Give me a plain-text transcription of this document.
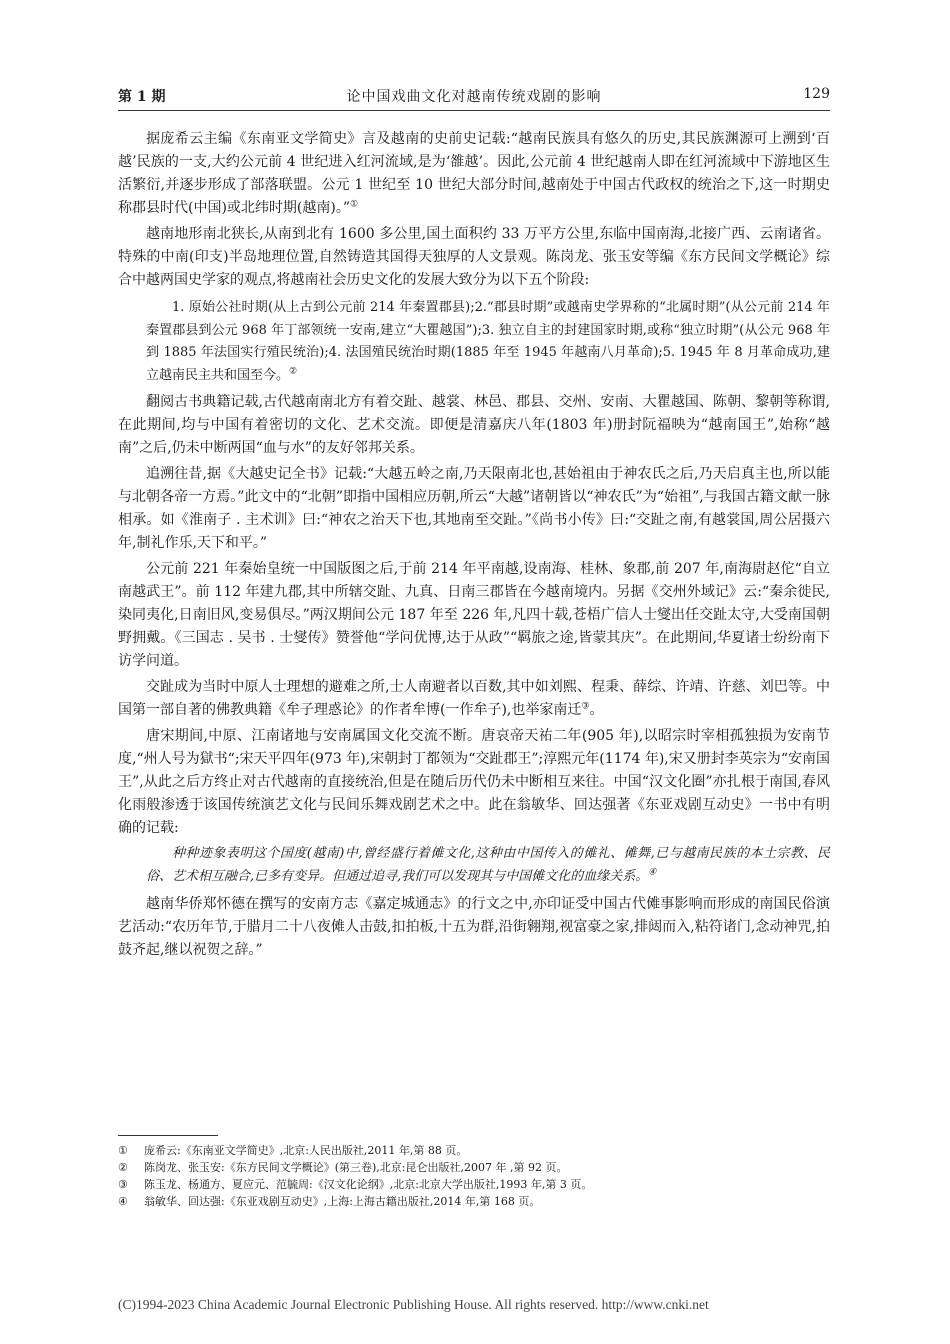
第 1 期	论中国戏曲文化对越南传统戏剧的影响	129

据庞希云主编《东南亚文学简史》言及越南的史前史记载:“越南民族具有悠久的历史,其民族渊源可上溯到‘百越’民族的一支,大约公元前 4 世纪进入红河流域,是为‘雒越’。因此,公元前 4 世纪越南人即在红河流域中下游地区生活繁衍,并逐步形成了部落联盟。公元 1 世纪至 10 世纪大部分时间,越南处于中国古代政权的统治之下,这一时期史称郡县时代(中国)或北纬时期(越南)。”①

越南地形南北狭长,从南到北有 1600 多公里,国土面积约 33 万平方公里,东临中国南海,北接广西、云南诸省。特殊的中南(印支)半岛地理位置,自然铸造其国得天独厚的人文景观。陈岗龙、张玉安等编《东方民间文学概论》综合中越两国史学家的观点,将越南社会历史文化的发展大致分为以下五个阶段:

1. 原始公社时期(从上古到公元前 214 年秦置郡县);2.“郡县时期”或越南史学界称的“北属时期”(从公元前 214 年秦置郡县到公元 968 年丁部领统一安南,建立“大瞿越国”);3. 独立自主的封建国家时期,或称“独立时期”(从公元 968 年到 1885 年法国实行殖民统治);4. 法国殖民统治时期(1885 年至 1945 年越南八月革命);5. 1945 年 8 月革命成功,建立越南民主共和国至今。②

翻阅古书典籍记载,古代越南南北方有着交趾、越裳、林邑、郡县、交州、安南、大瞿越国、陈朝、黎朝等称谓,在此期间,均与中国有着密切的文化、艺术交流。即便是清嘉庆八年(1803 年)册封阮福映为“越南国王”,始称“越南”之后,仍未中断两国“血与水”的友好邻邦关系。

追溯往昔,据《大越史记全书》记载:“大越五岭之南,乃天限南北也,甚始祖由于神农氏之后,乃天启真主也,所以能与北朝各帝一方焉。”此文中的“北朝”即指中国相应历朝,所云“大越”诸朝皆以“神农氏”为“始祖”,与我国古籍文献一脉相承。如《淮南子 . 主术训》曰:“神农之治天下也,其地南至交趾。”《尚书小传》曰:“交趾之南,有越裳国,周公居摄六年,制礼作乐,天下和平。”

公元前 221 年秦始皇统一中国版图之后,于前 214 年平南越,设南海、桂林、象郡,前 207 年,南海尉赵佗“自立南越武王”。前 112 年建九郡,其中所辖交趾、九真、日南三郡皆在今越南境内。另据《交州外域记》云:“秦余徙民,染同夷化,日南旧风,变易俱尽。”两汉期间公元 187 年至 226 年,凡四十载,苍梧广信人士燮出任交趾太守,大受南国朝野拥戴。《三国志 . 吴书 . 士燮传》赞誉他“学问优博,达于从政”“羁旅之途,皆蒙其庆”。在此期间,华夏诸士纷纷南下访学问道。

交趾成为当时中原人士理想的避难之所,士人南避者以百数,其中如刘熙、程秉、薛综、许靖、许慈、刘巴等。中国第一部自著的佛教典籍《牟子理惑论》的作者牟博(一作牟子),也举家南迁③。

唐宋期间,中原、江南诸地与安南属国文化交流不断。唐哀帝天祐二年(905 年),以昭宗时宰相孤独损为安南节度,“州人号为獄书“;宋天平四年(973 年),宋朝封丁都领为“交趾郡王”;淳熙元年(1174 年),宋又册封李英宗为“安南国王”,从此之后方终止对古代越南的直接统治,但是在随后历代仍未中断相互来往。中国“汉文化圈”亦扎根于南国,春风化雨般渗透于该国传统演艺文化与民间乐舞戏剧艺术之中。此在翁敏华、回达强著《东亚戏剧互动史》一书中有明确的记载:

种种迹象表明这个国度(越南)中,曾经盛行着傩文化,这种由中国传入的傩礼、傩舞,已与越南民族的本土宗教、民俗、艺术相互融合,已多有变异。但通过追寻,我们可以发现其与中国傩文化的血缘关系。④

越南华侨郑怀德在撰写的安南方志《嘉定城通志》的行文之中,亦印证受中国古代傩事影响而形成的南国民俗演艺活动:“农历年节,于腊月二十八夜傩人击鼓,扣拍板,十五为群,沿街翱翔,视富豪之家,排闼而入,粘符诸门,念动神咒,拍鼓齐起,继以祝贺之辞。”

① 庞希云:《东南亚文学简史》,北京:人民出版社,2011 年,第 88 页。
② 陈岗龙、张玉安:《东方民间文学概论》(第三卷),北京:昆仑出版社,2007 年 ,第 92 页。
③ 陈玉龙、杨通方、夏应元、范毓周:《汉文化论纲》,北京:北京大学出版社,1993 年,第 3 页。
④ 翁敏华、回达强:《东亚戏剧互动史》,上海:上海古籍出版社,2014 年,第 168 页。
(C)1994-2023 China Academic Journal Electronic Publishing House. All rights reserved. http://www.cnki.net
